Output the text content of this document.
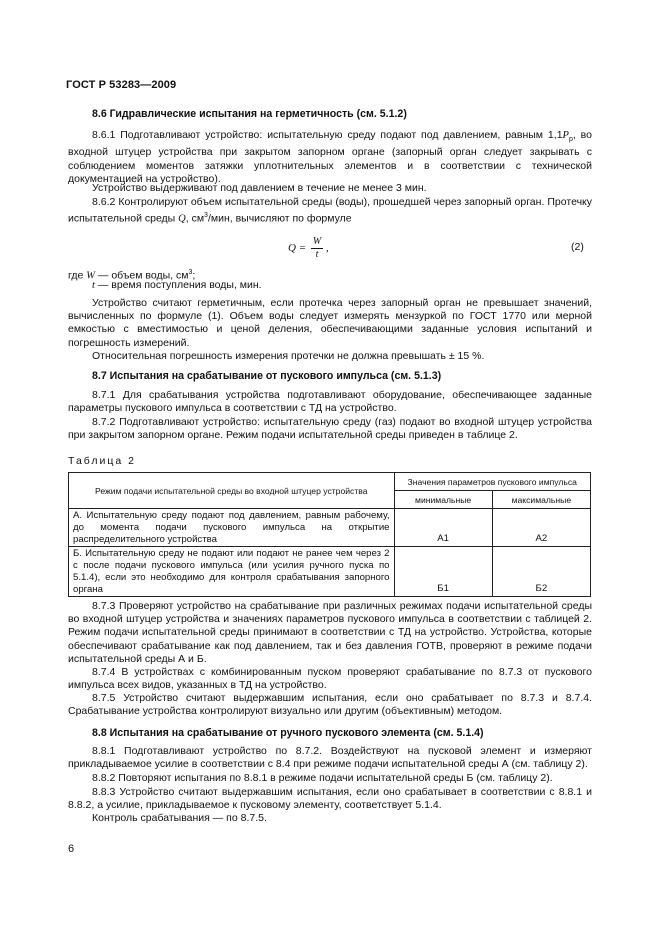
ГОСТ Р 53283—2009
8.6 Гидравлические испытания на герметичность (см. 5.1.2)
8.6.1 Подготавливают устройство: испытательную среду подают под давлением, равным $1,1Р_р$, во входной штуцер устройства при закрытом запорном органе (запорный орган следует закрывать с соблюдением моментов затяжки уплотнительных элементов и в соответствии с технической документацией на устройство).
Устройство выдерживают под давлением в течение не менее 3 мин.
8.6.2 Контролируют объем испытательной среды (воды), прошедшей через запорный орган. Протечку испытательной среды Q, $см^3$/мин, вычисляют по формуле
Q =
W
t
,	(2)
где W — объем воды, $см^3$;
t — время поступления воды, мин.
Устройство считают герметичным, если протечка через запорный орган не превышает значений, вычисленных по формуле (1). Объем воды следует измерять мензуркой по ГОСТ 1770 или мерной емкостью с вместимостью и ценой деления, обеспечивающими заданные условия испытаний и погрешность измерений.
Относительная погрешность измерения протечки не должна превышать ± 15 %.
8.7 Испытания на срабатывание от пускового импульса (см. 5.1.3)
8.7.1 Для срабатывания устройства подготавливают оборудование, обеспечивающее заданные параметры пускового импульса в соответствии с ТД на устройство.
8.7.2 Подготавливают устройство: испытательную среду (газ) подают во входной штуцер устройства при закрытом запорном органе. Режим подачи испытательной среды приведен в таблице 2.
Таблица 2
Режим подачи испытательной среды во входной штуцер устройства	Значения параметров пускового импульса	
	минимальные	максимальные
А. Испытательную среду подают под давлением, равным рабочему, до момента подачи пускового импульса на открытие распределительного устройства	А1	А2
Б. Испытательную среду не подают или подают не ранее чем через 2 с после подачи пускового импульса (или усилия ручного пуска по 5.1.4), если это необходимо для контроля срабатывания запорного органа	Б1	Б2
8.7.3 Проверяют устройство на срабатывание при различных режимах подачи испытательной среды во входной штуцер устройства и значениях параметров пускового импульса в соответствии с таблицей 2. Режим подачи испытательной среды принимают в соответствии с ТД на устройство. Устройства, которые обеспечивают срабатывание как под давлением, так и без давления ГОТВ, проверяют в режиме подачи испытательной среды А и Б.
8.7.4 В устройствах с комбинированным пуском проверяют срабатывание по 8.7.3 от пускового импульса всех видов, указанных в ТД на устройство.
8.7.5 Устройство считают выдержавшим испытания, если оно срабатывает по 8.7.3 и 8.7.4. Срабатывание устройства контролируют визуально или другим (объективным) методом.
8.8 Испытания на срабатывание от ручного пускового элемента (см. 5.1.4)
8.8.1 Подготавливают устройство по 8.7.2. Воздействуют на пусковой элемент и измеряют прикладываемое усилие в соответствии с 8.4 при режиме подачи испытательной среды А (см. таблицу 2).
8.8.2 Повторяют испытания по 8.8.1 в режиме подачи испытательной среды Б (см. таблицу 2).
8.8.3 Устройство считают выдержавшим испытания, если оно срабатывает в соответствии с 8.8.1 и 8.8.2, а усилие, прикладываемое к пусковому элементу, соответствует 5.1.4.
Контроль срабатывания — по 8.7.5.
6
